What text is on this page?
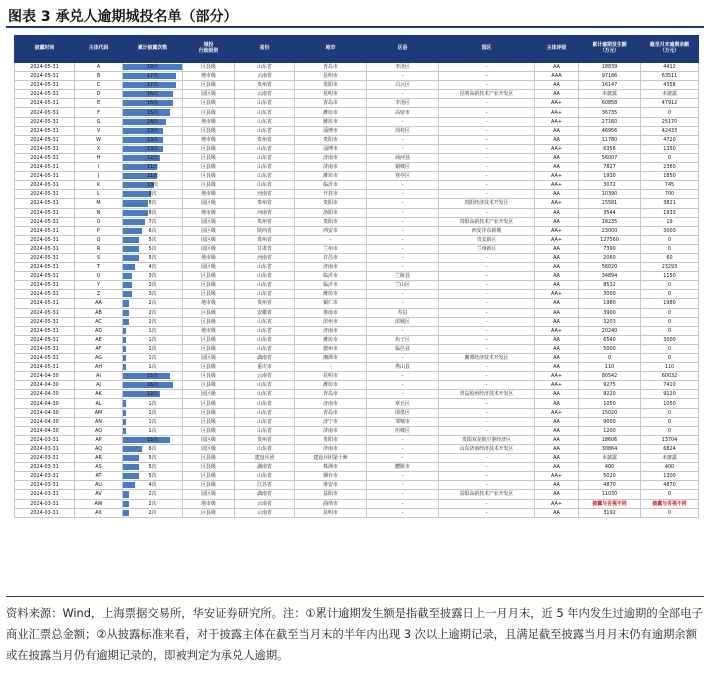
图表 3 承兑人逾期城投名单（部分）
披露时间	主体代码	累计披露次数	城投
行政级别	省份	地市	区县	园区	主体评级	累计逾期发生额
（万元）	截至月末逾期余额
（万元）
2024-05-31	A	19次	区县级	山东省	青岛市	李沧区	-	AA	18839	4412
2024-05-31	B	17次	地市级	云南省	昆明市	-	-	AAA	97186	63511
2024-05-31	C	17次	区县级	贵州省	贵阳市	白云区	-	AA	16147	4358
2024-05-31	D	16次	园区级	云南省	昆明市	-	昆明高新技术产业开发区	AA	未披露	未披露
2024-05-31	E	16次	区县级	山东省	青岛市	李沧区	-	AA+	60858	47912
2024-05-31	F	15次	区县级	山东省	潍坊市	高密市	-	AA+	36735	0
2024-05-31	G	14次	地市级	山东省	潍坊市	-	-	AA+	27160	25170
2024-05-31	V	13次	区县级	山东省	淄博市	周村区	-	AA	46956	42433
2024-05-31	W	13次	地市级	贵州省	贵阳市	-	-	AA	11780	4720
2024-05-31	X	13次	区县级	山东省	淄博市	-	-	AA+	6356	1350
2024-05-31	H	12次	区县级	山东省	济南市	商河县	-	AA	56007	0
2024-05-31	I	11次	区县级	山东省	济南市	钢城区	-	AA	7827	2360
2024-05-31	J	11次	区县级	山东省	潍坊市	寒亭区	-	AA+	1930	1850
2024-05-31	K	10次	区县级	山东省	临沂市	-	-	AA+	3072	745
2024-05-31	L	9次	地市级	河南省	开封市	-	-	AA	10390	700
2024-05-31	M	8次	园区级	贵州省	贵阳市	-	贵阳经济技术开发区	AA+	15581	3821
2024-05-31	N	8次	地市级	河南省	洛阳市	-	-	AA	3544	1933
2024-05-31	O	7次	园区级	贵州省	贵阳市	-	贵阳高新技术产业开发区	AA	18235	19
2024-05-31	P	6次	园区级	陕西省	西安市	-	西安沣东新城	AA+	23000	3000
2024-05-31	Q	5次	园区级	贵州省	-	-	贵安新区	AA+	127560	0
2024-05-31	R	5次	园区级	甘肃省	兰州市	-	兰州新区	AA	7390	0
2024-05-31	S	5次	地市级	河南省	许昌市	-	-	AA	2060	60
2024-05-31	T	4次	园区级	山东省	济南市	-	-	AA	56020	23293
2024-05-31	U	3次	区县级	山东省	临沂市	兰陵县	-	AA	34894	1150
2024-05-31	Y	3次	区县级	山东省	临沂市	兰山区	-	AA	8532	0
2024-05-31	Z	3次	区县级	山东省	潍坊市	-	-	AA+	3000	0
2024-05-31	AA	2次	地市级	贵州省	铜仁市	-	-	AA	1980	1980
2024-05-31	AB	2次	区县级	安徽省	淮南市	寿县	-	AA	3900	0
2024-05-31	AC	2次	区县级	山东省	滨州市	滨城区	-	AA	3203	0
2024-05-31	AD	1次	地市级	山东省	济南市	-	-	AA+	20240	0
2024-05-31	AE	1次	区县级	山东省	潍坊市	坊子区	-	AA	6540	3000
2024-05-31	AF	1次	区县级	山东省	德州市	临邑县	-	AA	5000	0
2024-05-31	AG	1次	园区级	湖南省	湘潭市	-	湘潭经济技术开发区	AA	0	0
2024-05-31	AH	1次	区县级	重庆市	-	秀山县	-	AA	110	110
2024-04-30	AI	15次	区县级	云南省	昆明市	-	-	AA+	80542	60032
2024-04-30	AJ	16次	区县级	山东省	潍坊市	-	-	AA+	9275	7410
2024-04-30	AK	12次	园区级	山东省	青岛市	-	青岛胶州经济技术开发区	AA	9220	9120
2024-04-30	AL	1次	区县级	山东省	济南市	章丘区	-	AA	1050	1050
2024-04-30	AM	1次	区县级	山东省	青岛市	即墨区	-	AA+	15020	0
2024-04-30	AN	1次	区县级	山东省	济宁市	邹城市	-	AA	9000	0
2024-04-30	AO	1次	区县级	山东省	济南市	历城区	-	AA	1200	0
2024-03-31	AP	15次	园区级	贵州省	贵阳市	-	贵阳双龙航空港经济区	AA	18606	13704
2024-03-31	AQ	6次	园区级	山东省	济南市	-	山东济南经济技术开发区	AA	30864	6824
2024-03-31	AR	5次	区县级	建设兵团	建设兵团第十师	-	-	AA	未披露	未披露
2024-03-31	AS	5次	区县级	湖南省	株洲市	醴陵市	-	AA	400	400
2024-03-31	AT	5次	区县级	山东省	烟台市	-	-	AA+	5020	1300
2024-03-31	AU	4次	区县级	江苏省	淮安市	-	-	AA	4870	4870
2024-03-31	AV	2次	园区级	湖南省	益阳市	-	益阳高新技术产业开发区	AA	11030	0
2024-03-31	AW	2次	地市级	云南省	曲靖市	-	-	AA+	披露与否视不同	披露与否视不同
2024-03-31	AX	2次	区县级	云南省	昆明市	-	-	AA	3192	0
资料来源：Wind，上海票据交易所，华安证券研究所。注：①累计逾期发生额是指截至披露日上一月月末，近 5 年内发生过逾期的全部电子商业汇票总金额；②从披露标准来看，对于披露主体在截至当月末的半年内出现 3 次以上逾期记录，且满足截至披露当月月末仍有逾期余额或在披露当月仍有逾期记录的，即被判定为承兑人逾期。
